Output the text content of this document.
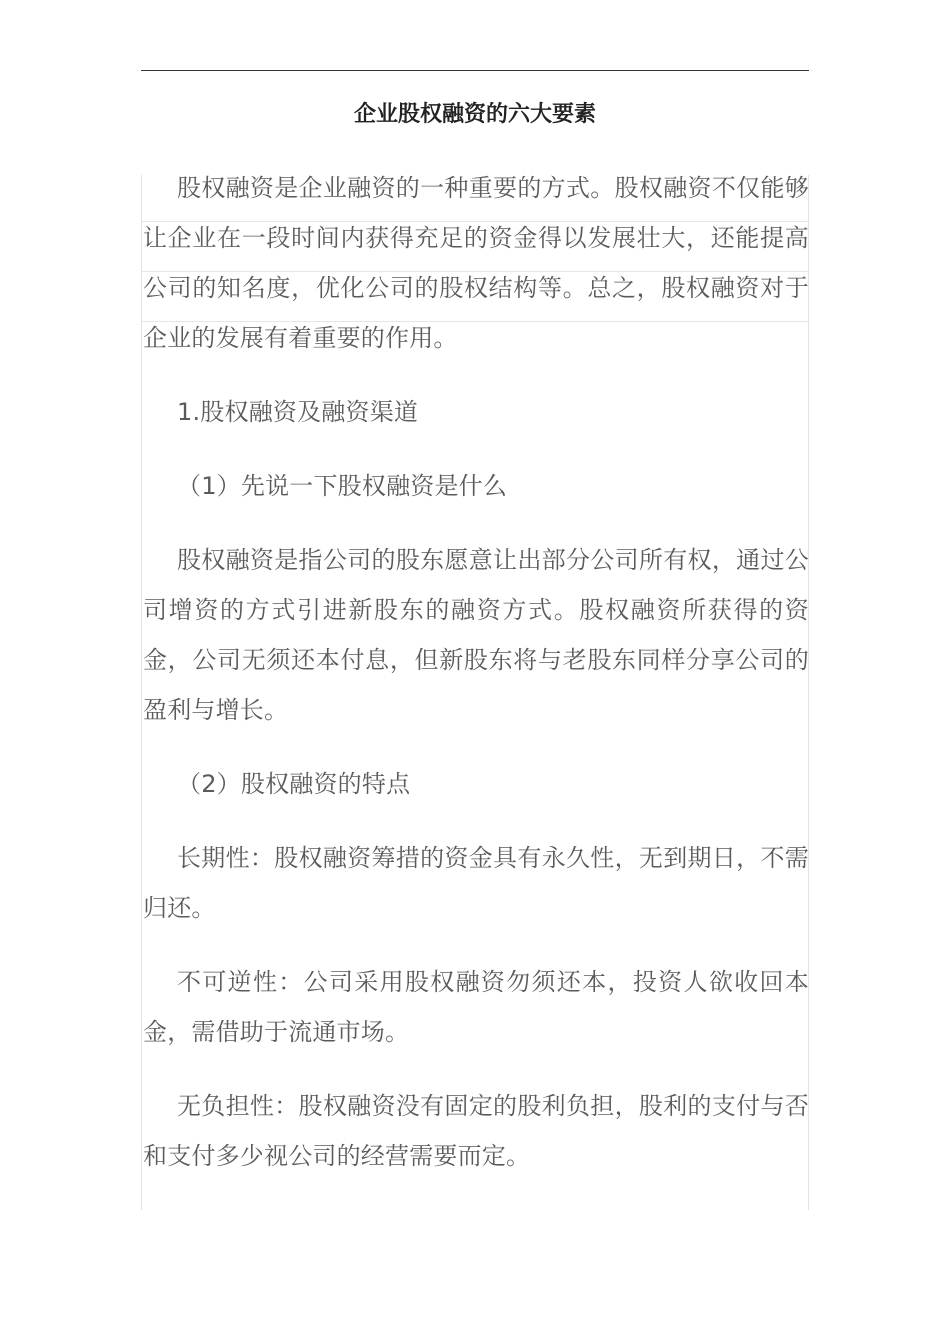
企业股权融资的六大要素

股权融资是企业融资的一种重要的方式。股权融资不仅能够让企业在一段时间内获得充足的资金得以发展壮大，还能提高公司的知名度，优化公司的股权结构等。总之，股权融资对于企业的发展有着重要的作用。

1.股权融资及融资渠道

（1）先说一下股权融资是什么

股权融资是指公司的股东愿意让出部分公司所有权，通过公司增资的方式引进新股东的融资方式。股权融资所获得的资金，公司无须还本付息，但新股东将与老股东同样分享公司的盈利与增长。

（2）股权融资的特点

长期性：股权融资筹措的资金具有永久性，无到期日，不需归还。

不可逆性：公司采用股权融资勿须还本，投资人欲收回本金，需借助于流通市场。

无负担性：股权融资没有固定的股利负担，股利的支付与否和支付多少视公司的经营需要而定。
